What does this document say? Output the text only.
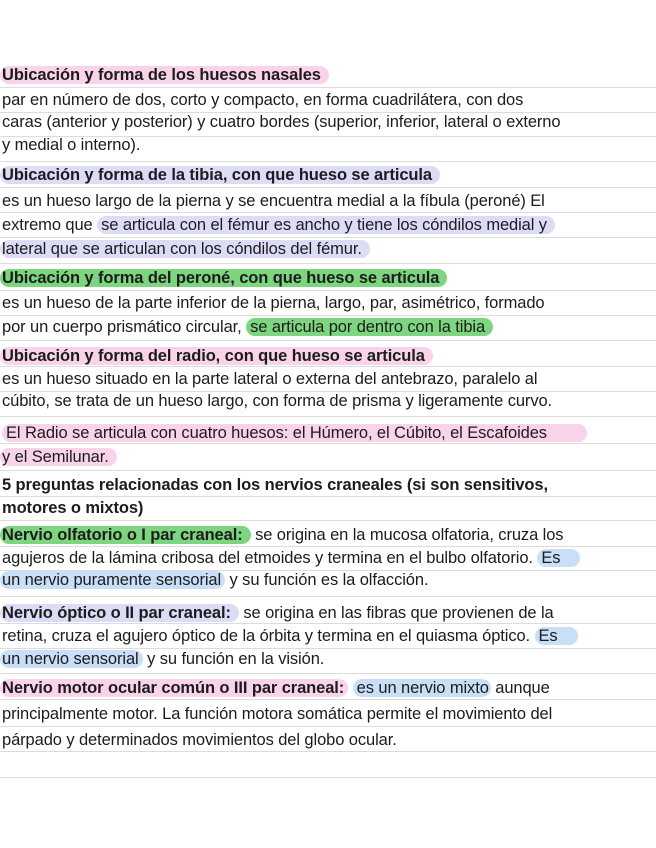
Ubicación y forma de los huesos nasales
par en número de dos, corto y compacto, en forma cuadrilátera, con dos
caras (anterior y posterior) y cuatro bordes (superior, inferior, lateral o externo
y medial o interno).
Ubicación y forma de la tibia, con que hueso se articula
es un hueso largo de la pierna y se encuentra medial a la fíbula (peroné) El
extremo que se articula con el fémur es ancho y tiene los cóndilos medial y
lateral que se articulan con los cóndilos del fémur.
Ubicación y forma del peroné, con que hueso se articula
es un hueso de la parte inferior de la pierna, largo, par, asimétrico, formado
por un cuerpo prismático circular, se articula por dentro con la tibia
Ubicación y forma del radio, con que hueso se articula
es un hueso situado en la parte lateral o externa del antebrazo, paralelo al
cúbito, se trata de un hueso largo, con forma de prisma y ligeramente curvo.
El Radio se articula con cuatro huesos: el Húmero, el Cúbito, el Escafoides
y el Semilunar.
5 preguntas relacionadas con los nervios craneales (si son sensitivos,
motores o mixtos)
Nervio olfatorio o I par craneal: se origina en la mucosa olfatoria, cruza los
agujeros de la lámina cribosa del etmoides y termina en el bulbo olfatorio. Es
un nervio puramente sensorial y su función es la olfacción.
Nervio óptico o II par craneal: se origina en las fibras que provienen de la
retina, cruza el agujero óptico de la órbita y termina en el quiasma óptico. Es
un nervio sensorial y su función en la visión.
Nervio motor ocular común o III par craneal: es un nervio mixto aunque
principalmente motor. La función motora somática permite el movimiento del
párpado y determinados movimientos del globo ocular.
